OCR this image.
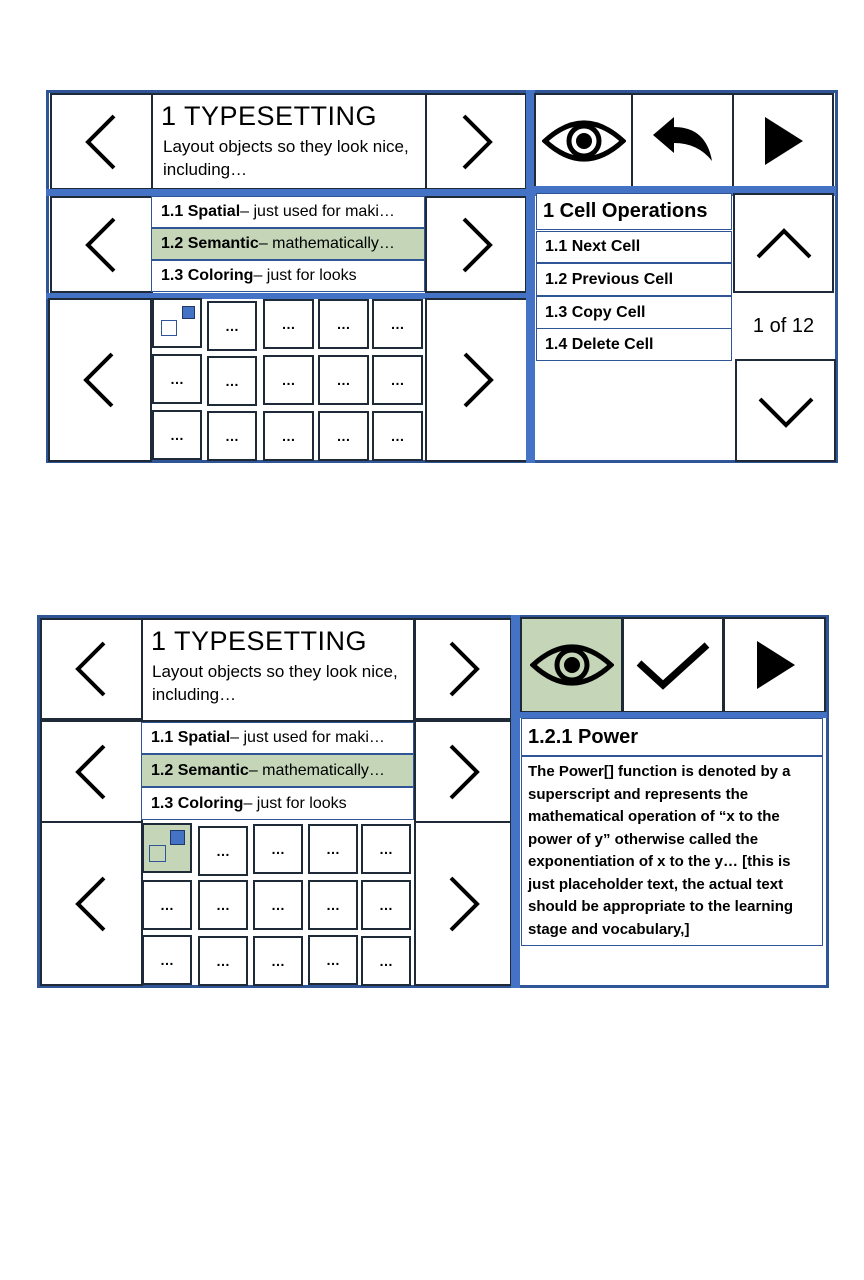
1 TYPESETTING
Layout objects so they look nice, including…
1.1 Spatial – just used for maki…
1.2 Semantic – mathematically…
1.3 Coloring – just for looks
…	…	…	…
…	…	…	…	…
…	…	…	…	…
1 Cell Operations
1.1 Next Cell
1.2 Previous Cell
1.3 Copy Cell
1.4 Delete Cell
1 of 12
1 TYPESETTING
Layout objects so they look nice, including…
1.1 Spatial – just used for maki…
1.2 Semantic – mathematically…
1.3 Coloring – just for looks
…	…	…	…
…	…	…	…	…
…	…	…	…	…
1.2.1 Power
The Power[] function is denoted by a superscript and represents the mathematical operation of “x to the power of y” otherwise called the exponentiation of x to the y… [this is just placeholder text, the actual text should be appropriate to the learning stage and vocabulary,]
